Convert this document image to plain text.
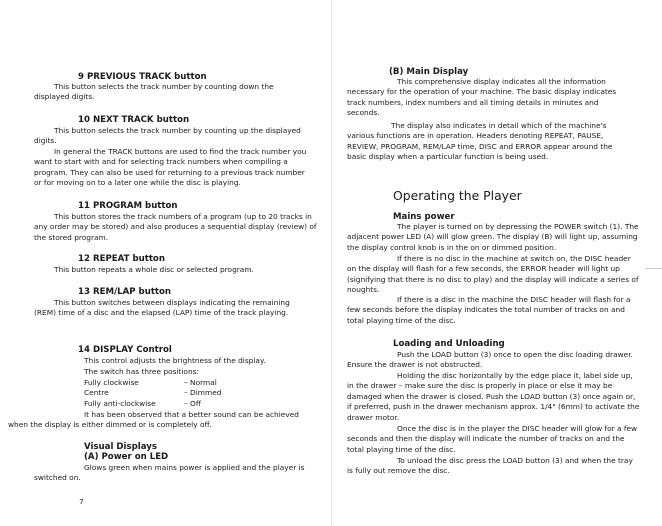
9 PREVIOUS TRACK button

This button selects the track number by counting down the displayed digits.

10 NEXT TRACK button

This button selects the track number by counting up the displayed digits.

In general the TRACK buttons are used to find the track number you want to start with and for selecting track numbers when compiling a program. They can also be used for returning to a previous track number or for moving on to a later one while the disc is playing.

11 PROGRAM button

This button stores the track numbers of a program (up to 20 tracks in any order may be stored) and also produces a sequential display (review) of the stored program.

12 REPEAT button

This button repeats a whole disc or selected program.

13 REM/LAP button

This button switches between displays indicating the remaining (REM) time of a disc and the elapsed (LAP) time of the track playing.

14 DISPLAY Control

This control adjusts the brightness of the display.

The switch has three positions:

Fully clockwise	– Normal
Centre	– Dimmed
Fully anti-clockwise	– Off

It has been observed that a better sound can be achieved when the display is either dimmed or is completely off.

Visual Displays
(A) Power on LED

Glows green when mains power is applied and the player is switched on.

7
(B) Main Display

This comprehensive display indicates all the information necessary for the operation of your machine. The basic display indicates track numbers, index numbers and all timing details in minutes and seconds.

The display also indicates in detail which of the machine's various functions are in operation. Headers denoting REPEAT, PAUSE, REVIEW, PROGRAM, REM/LAP time, DISC and ERROR appear around the basic display when a particular function is being used.

Operating the Player
Mains power

The player is turned on by depressing the POWER switch (1). The adjacent power LED (A) will glow green. The display (B) will light up, assuming the display control knob is in the on or dimmed position.

If there is no disc in the machine at switch on, the DISC header on the display will flash for a few seconds, the ERROR header will light up (signifying that there is no disc to play) and the display will indicate a series of noughts.

If there is a disc in the machine the DISC header will flash for a few seconds before the display indicates the total number of tracks on and total playing time of the disc.

Loading and Unloading

Push the LOAD button (3) once to open the disc loading drawer. Ensure the drawer is not obstructed.

Holding the disc horizontally by the edge place it, label side up, in the drawer – make sure the disc is properly in place or else it may be damaged when the drawer is closed. Push the LOAD button (3) once again or, if preferred, push in the drawer mechanism approx. 1/4" (6mm) to activate the drawer motor.

Once the disc is in the player the DISC header will glow for a few seconds and then the display will indicate the number of tracks on and the total playing time of the disc.

To unload the disc press the LOAD button (3) and when the tray is fully out remove the disc.
